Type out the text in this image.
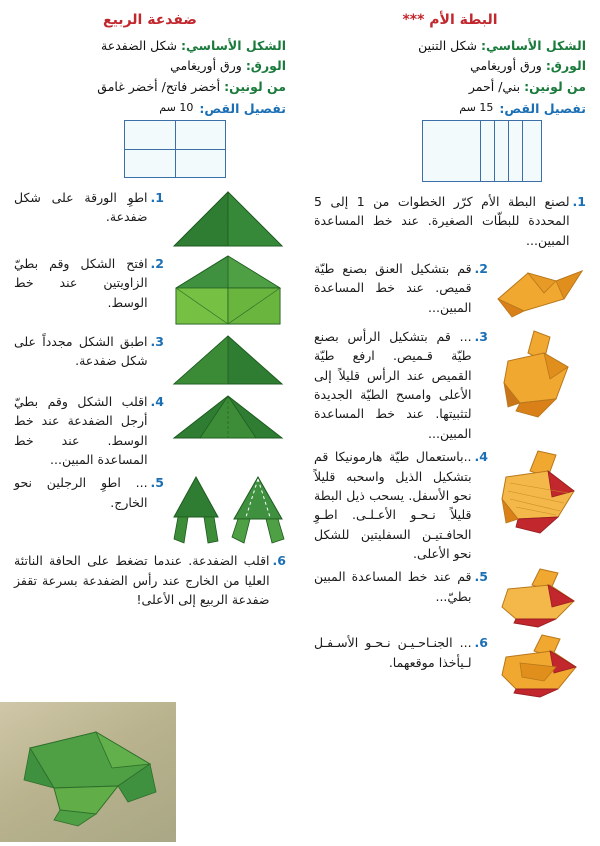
البطة الأم ***
الشكل الأساسي: شكل التنين
الورق: ورق أوريغامي
من لونين: بني/ أحمر
تفصيل القص:
15 سم
1.
لصنع البطة الأم كرّر الخطوات من 1 إلى 5 المحددة للبطّات الصغيرة. عند خط المساعدة المبين...
2.
قم بتشكيل العنق بصنع طيّة قميص. عند خط المساعدة المبين...
3.
... قم بتشكيل الرأس بصنع طيّة قـميص. ارفع طيّة القميص عند الرأس قليلاً إلى الأعلى وامسح الطيّة الجديدة لتثبيتها. عند خط المساعدة المبين...
4.
..باستعمال طيّة هارمونيكا قم بتشكيل الذيل واسحبه قليلاً نحو الأسفل. يسحب ذيل البطة قليلاً نـحـو الأعـلـى. اطـوِ الحافـتيـن السفليتين للشكل نحو الأعلى.
5.
قم عند خط المساعدة المبين بطيّ...
6.
... الجنـاحـيـن نـحـو الأسـفـل لـيأخذا موقعهما.
ضفدعة الربيع
الشكل الأساسي: شكل الضفدعة
الورق: ورق أوريغامي
من لونين: أخضر فاتح/ أخضر غامق
تفصيل القص:
10 سم
1.
اطوِ الورقة على شكل ضفدعة.
2.
افتح الشكل وقم بطيّ الزاويتين عند خط الوسط.
3.
اطبق الشكل مجدداً على شكل ضفدعة.
4.
اقلب الشكل وقم بطيّ أرجل الضفدعة عند خط الوسط. عند خط المساعدة المبين...
5.
... اطوِ الرجلين نحو الخارج.
6.
اقلب الضفدعة. عندما تضغط على الحافة الناتئة العليا من الخارج عند رأس الضفدعة بسرعة تقفز ضفدعة الربيع إلى الأعلى!
